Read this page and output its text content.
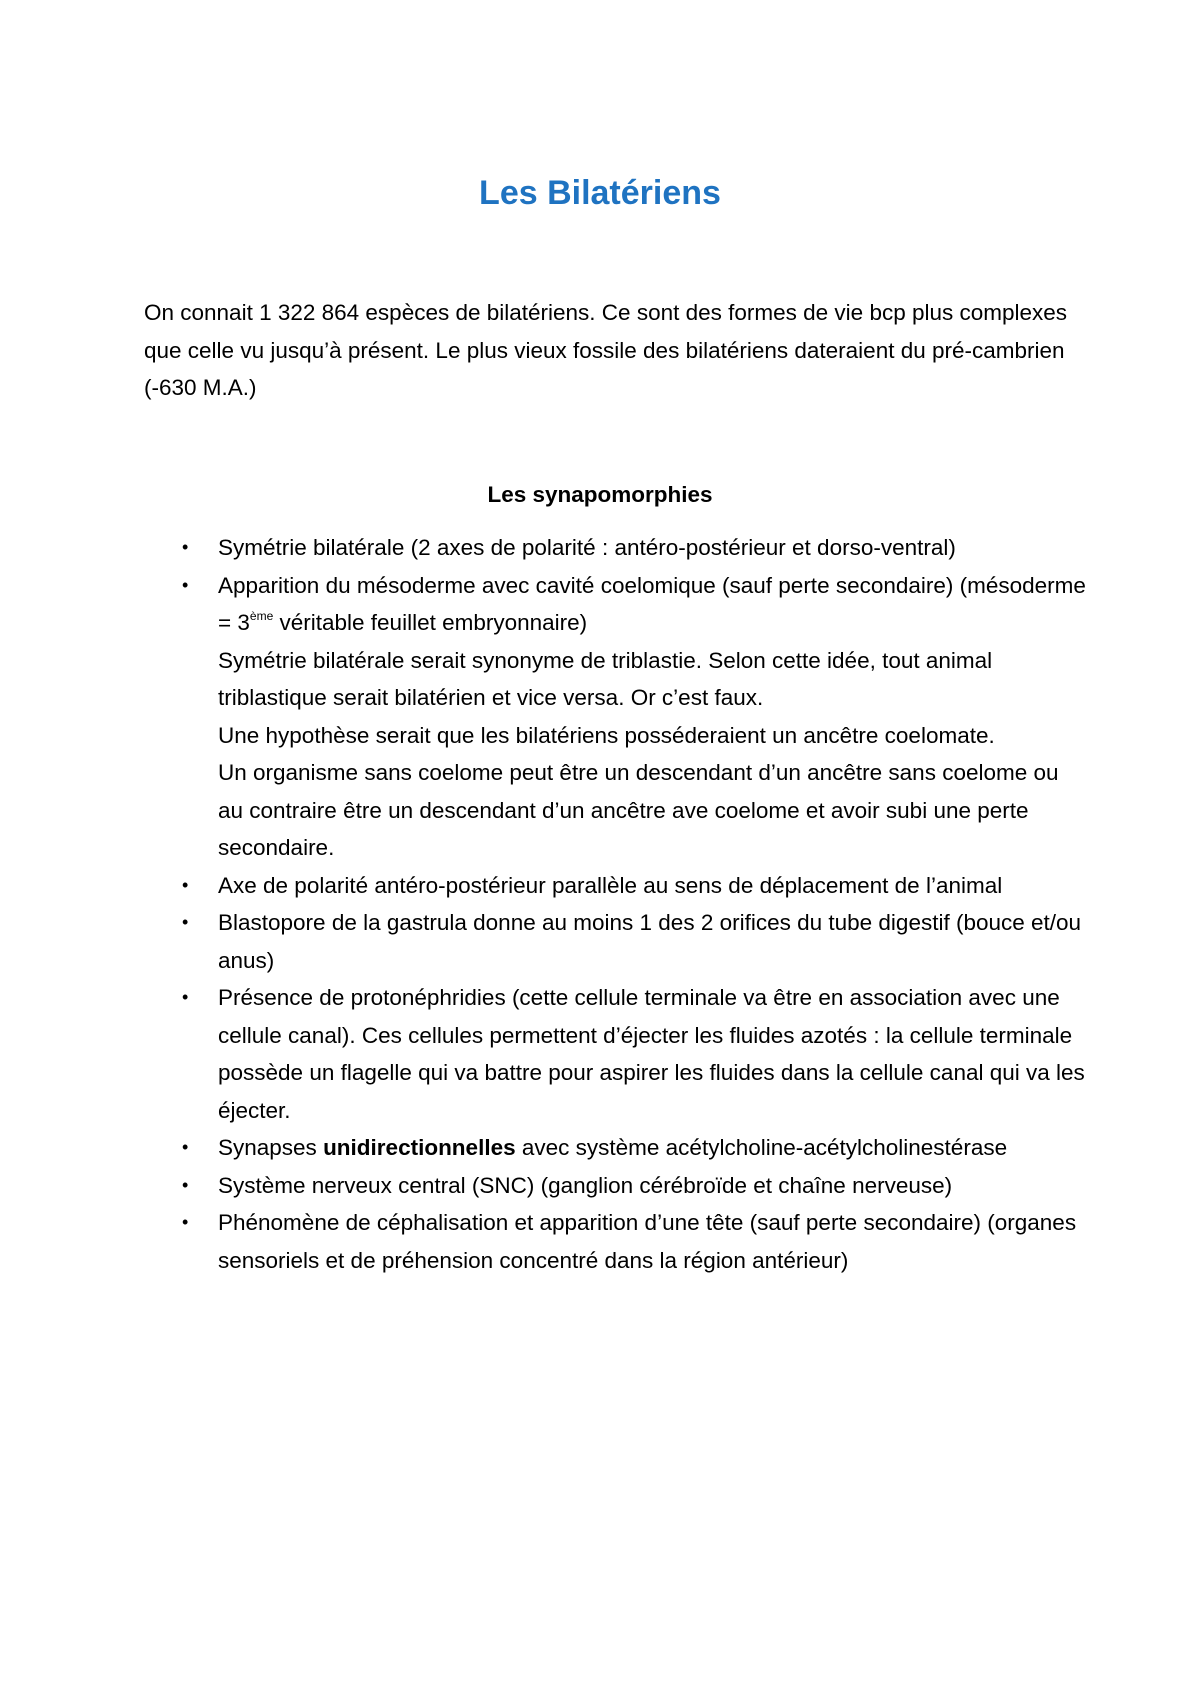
Les Bilatériens

On connait 1 322 864 espèces de bilatériens. Ce sont des formes de vie bcp plus complexes que celle vu jusqu’à présent. Le plus vieux fossile des bilatériens dateraient du pré-cambrien (-630 M.A.)

Les synapomorphies
• Symétrie bilatérale (2 axes de polarité : antéro-postérieur et dorso-ventral)
• Apparition du mésoderme avec cavité coelomique (sauf perte secondaire) (mésoderme = 3ème véritable feuillet embryonnaire)
Symétrie bilatérale serait synonyme de triblastie. Selon cette idée, tout animal triblastique serait bilatérien et vice versa. Or c’est faux.
Une hypothèse serait que les bilatériens posséderaient un ancêtre coelomate.
Un organisme sans coelome peut être un descendant d’un ancêtre sans coelome ou au contraire être un descendant d’un ancêtre ave coelome et avoir subi une perte secondaire.
• Axe de polarité antéro-postérieur parallèle au sens de déplacement de l’animal
• Blastopore de la gastrula donne au moins 1 des 2 orifices du tube digestif (bouce et/ou anus)
• Présence de protonéphridies (cette cellule terminale va être en association avec une cellule canal). Ces cellules permettent d’éjecter les fluides azotés : la cellule terminale possède un flagelle qui va battre pour aspirer les fluides dans la cellule canal qui va les éjecter.
• Synapses unidirectionnelles avec système acétylcholine-acétylcholinestérase
• Système nerveux central (SNC) (ganglion cérébroïde et chaîne nerveuse)
• Phénomène de céphalisation et apparition d’une tête (sauf perte secondaire) (organes sensoriels et de préhension concentré dans la région antérieur)
